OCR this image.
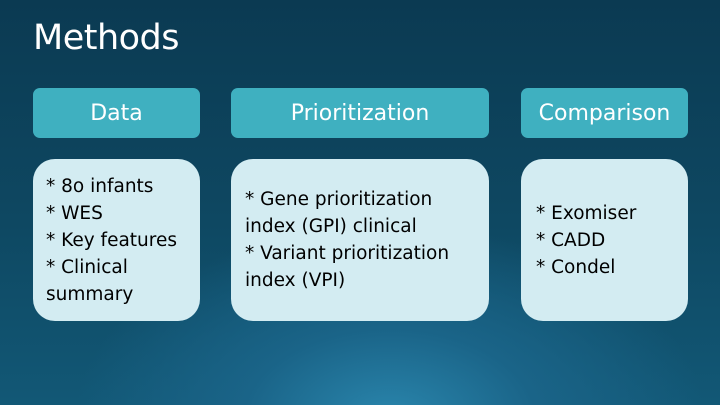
Methods
Data	Prioritization	Comparison
* 8o infants
* WES
* Key features
* Clinical summary
* Gene prioritization index (GPI) clinical
* Variant prioritization index (VPI)
* Exomiser
* CADD
* Condel
